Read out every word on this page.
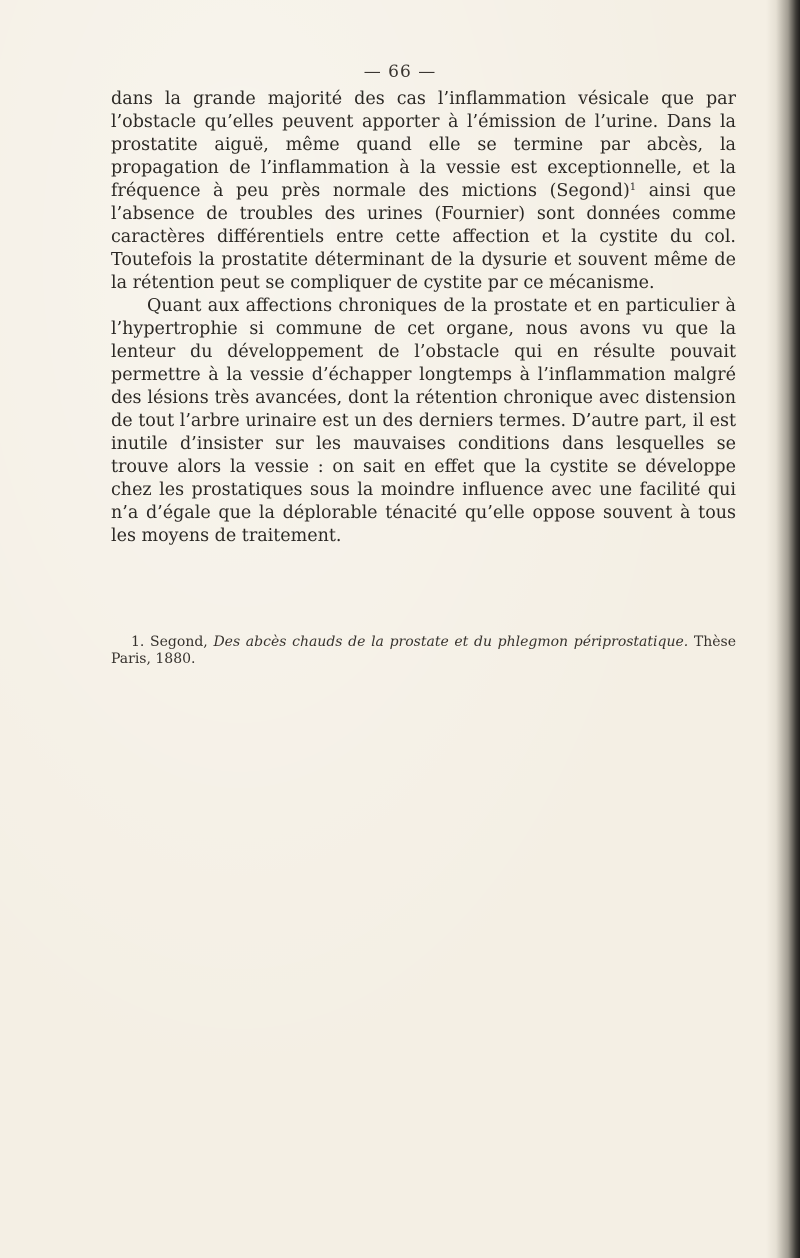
— 66 —

dans la grande majorité des cas l’inflammation vésicale que par l’obstacle qu’elles peuvent apporter à l’émission de l’urine. Dans la prostatite aiguë, même quand elle se termine par abcès, la propagation de l’inflammation à la vessie est exceptionnelle, et la fréquence à peu près normale des mictions (Segond)$^1$ ainsi que l’absence de troubles des urines (Fournier) sont données comme caractères différentiels entre cette affection et la cystite du col. Toutefois la prostatite déterminant de la dysurie et souvent même de la rétention peut se compliquer de cystite par ce mécanisme.

Quant aux affections chroniques de la prostate et en particulier à l’hypertrophie si commune de cet organe, nous avons vu que la lenteur du développement de l’obstacle qui en résulte pouvait permettre à la vessie d’échapper longtemps à l’inflammation malgré des lésions très avancées, dont la rétention chronique avec distension de tout l’arbre urinaire est un des derniers termes. D’autre part, il est inutile d’insister sur les mauvaises conditions dans lesquelles se trouve alors la vessie : on sait en effet que la cystite se développe chez les prostatiques sous la moindre influence avec une facilité qui n’a d’égale que la déplorable ténacité qu’elle oppose souvent à tous les moyens de traitement.

1. Segond, Des abcès chauds de la prostate et du phlegmon périprostatique. Thèse Paris, 1880.
